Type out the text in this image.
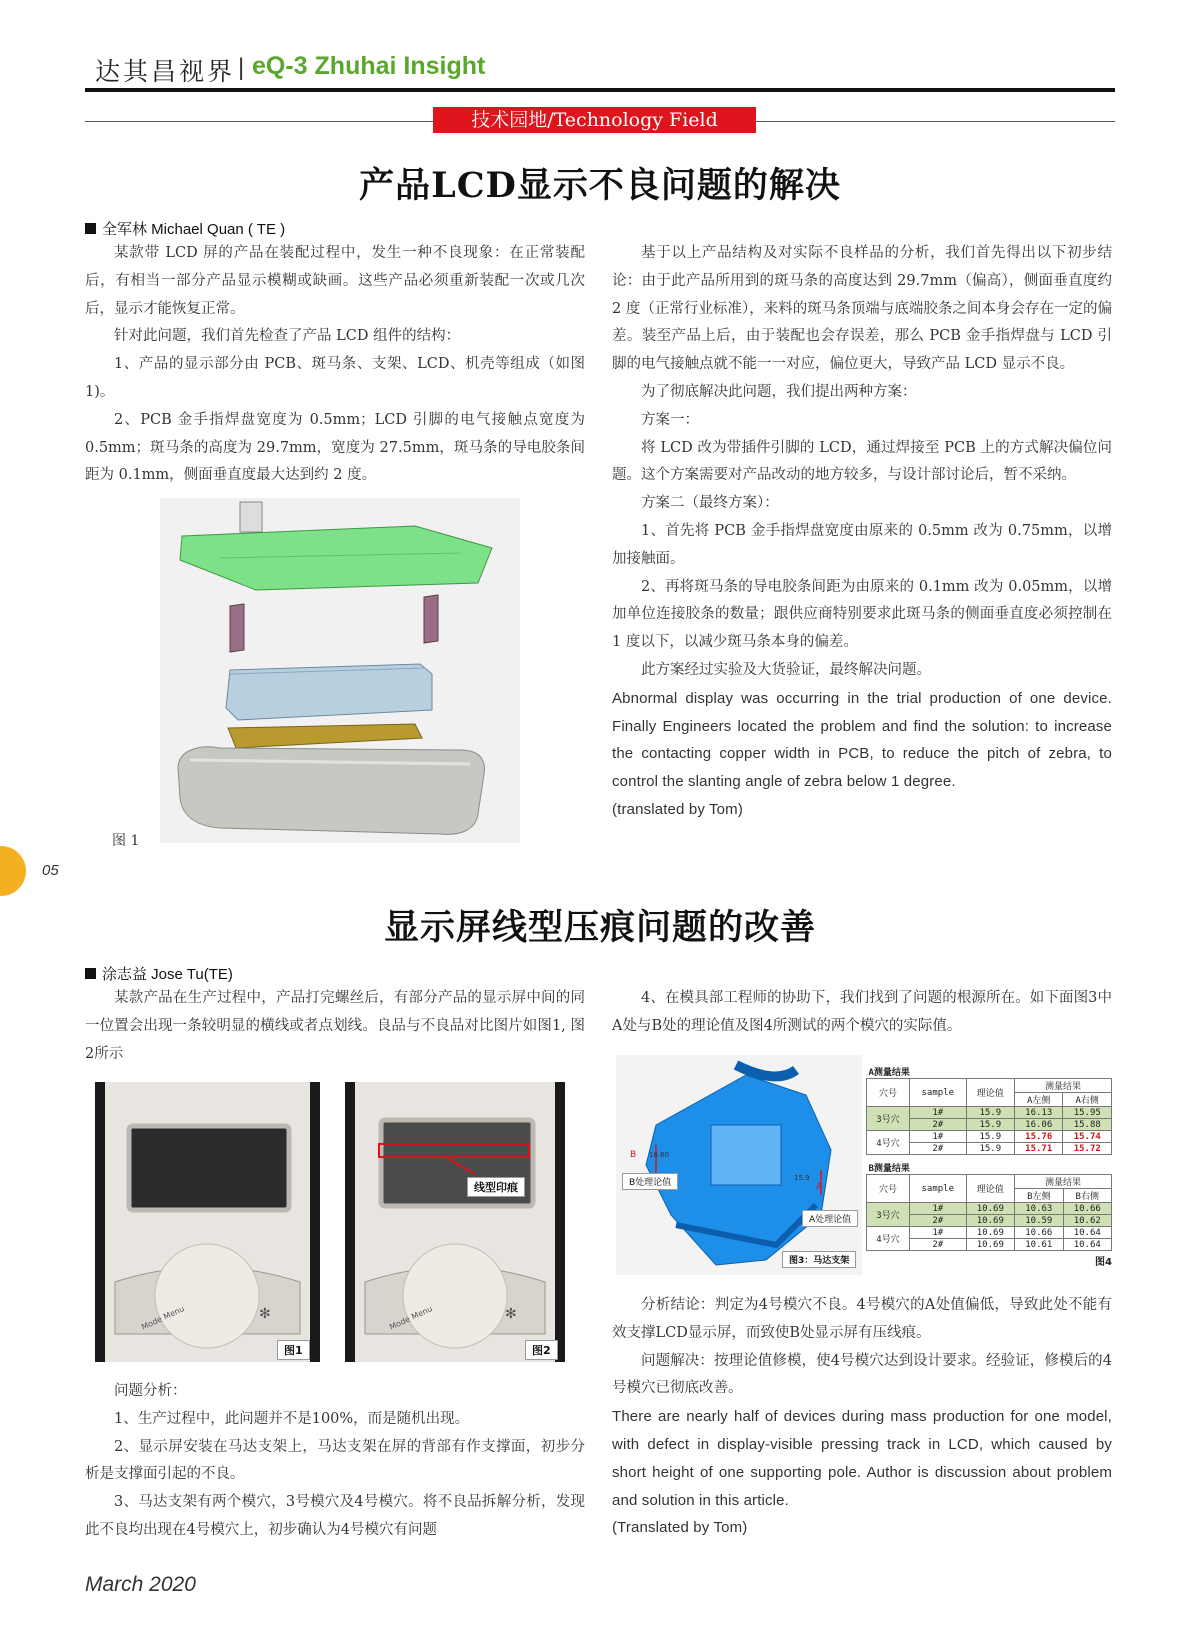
达其昌视界 | eQ-3 Zhuhai Insight
技术园地/Technology Field
产品LCD显示不良问题的解决
全军林 Michael Quan ( TE )

某款带 LCD 屏的产品在装配过程中，发生一种不良现象：在正常装配后，有相当一部分产品显示模糊或缺画。这些产品必须重新装配一次或几次后，显示才能恢复正常。

针对此问题，我们首先检查了产品 LCD 组件的结构：

1、产品的显示部分由 PCB、斑马条、支架、LCD、机壳等组成（如图 1)。

2、PCB 金手指焊盘宽度为 0.5mm；LCD 引脚的电气接触点宽度为 0.5mm；斑马条的高度为 29.7mm，宽度为 27.5mm，斑马条的导电胶条间距为 0.1mm，侧面垂直度最大达到约 2 度。

图 1

基于以上产品结构及对实际不良样品的分析，我们首先得出以下初步结论：由于此产品所用到的斑马条的高度达到 29.7mm（偏高），侧面垂直度约 2 度（正常行业标准），来料的斑马条顶端与底端胶条之间本身会存在一定的偏差。装至产品上后，由于装配也会存误差，那么 PCB 金手指焊盘与 LCD 引脚的电气接触点就不能一一对应，偏位更大，导致产品 LCD 显示不良。

为了彻底解决此问题，我们提出两种方案：

方案一：

将 LCD 改为带插件引脚的 LCD，通过焊接至 PCB 上的方式解决偏位问题。这个方案需要对产品改动的地方较多，与设计部讨论后，暂不采纳。

方案二（最终方案）：

1、首先将 PCB 金手指焊盘宽度由原来的 0.5mm 改为 0.75mm，以增加接触面。

2、再将斑马条的导电胶条间距为由原来的 0.1mm 改为 0.05mm，以增加单位连接胶条的数量；跟供应商特别要求此斑马条的侧面垂直度必须控制在 1 度以下，以减少斑马条本身的偏差。

此方案经过实验及大货验证，最终解决问题。

Abnormal display was occurring in the trial production of one device. Finally Engineers located the problem and find the solution: to increase the contacting copper width in PCB, to reduce the pitch of zebra, to control the slanting angle of zebra below 1 degree.

(translated by Tom)

05
显示屏线型压痕问题的改善
涂志益 Jose Tu(TE)

某款产品在生产过程中，产品打完螺丝后，有部分产品的显示屏中间的同一位置会出现一条较明显的横线或者点划线。良品与不良品对比图片如图1, 图2所示

Mode Menu	✻
图1
Mode Menu	✻
线型印痕
图2

问题分析：

1、生产过程中，此问题并不是100%，而是随机出现。

2、显示屏安装在马达支架上，马达支架在屏的背部有作支撑面，初步分析是支撑面引起的不良。

3、马达支架有两个模穴，3号模穴及4号模穴。将不良品拆解分析，发现此不良均出现在4号模穴上，初步确认为4号模穴有问题

4、在模具部工程师的协助下，我们找到了问题的根源所在。如下面图3中A处与B处的理论值及图4所测试的两个模穴的实际值。

B 16.60
A
15.9
B处理论值
A处理论值
图3：马达支架
A测量结果				
穴号	sample	理论值	测量结果	
			A左侧	A右侧
3号穴	1#	15.9	16.13	15.95
	2#	15.9	16.06	15.88
4号穴	1#	15.9	15.76	15.74
	2#	15.9	15.71	15.72
B测量结果				
穴号	sample	理论值	测量结果	
			B左侧	B右侧
3号穴	1#	10.69	10.63	10.66
	2#	10.69	10.59	10.62
4号穴	1#	10.69	10.66	10.64
	2#	10.69	10.61	10.64
图4

分析结论：判定为4号模穴不良。4号模穴的A处值偏低，导致此处不能有效支撑LCD显示屏，而致使B处显示屏有压线痕。

问题解决：按理论值修模，使4号模穴达到设计要求。经验证，修模后的4号模穴已彻底改善。

There are nearly half of devices during mass production for one model, with defect in display-visible pressing track in LCD, which caused by short height of one supporting pole. Author is discussion about problem and solution in this article.

(Translated by Tom)

March 2020
